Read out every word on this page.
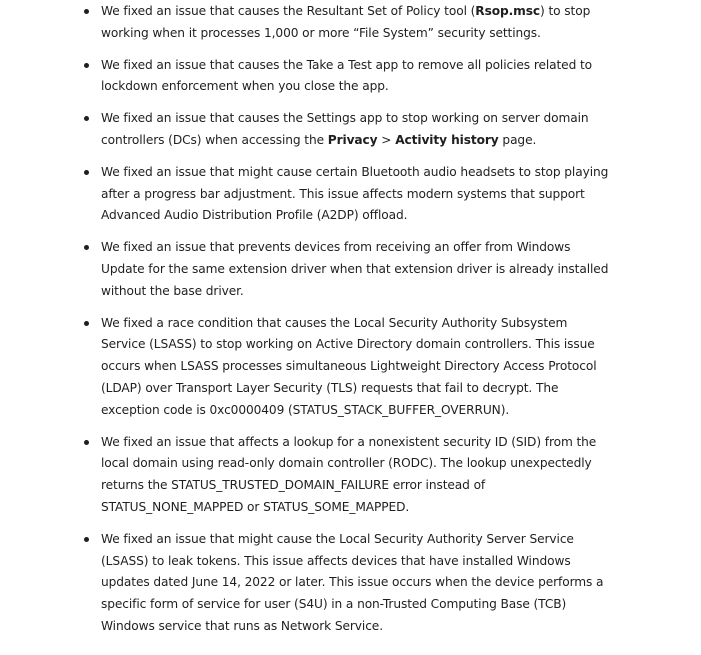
We fixed an issue that causes the Resultant Set of Policy tool (Rsop.msc) to stop working when it processes 1,000 or more “File System” security settings.
We fixed an issue that causes the Take a Test app to remove all policies related to lockdown enforcement when you close the app.
We fixed an issue that causes the Settings app to stop working on server domain controllers (DCs) when accessing the Privacy > Activity history page.
We fixed an issue that might cause certain Bluetooth audio headsets to stop playing after a progress bar adjustment. This issue affects modern systems that support Advanced Audio Distribution Profile (A2DP) offload.
We fixed an issue that prevents devices from receiving an offer from Windows Update for the same extension driver when that extension driver is already installed without the base driver.
We fixed a race condition that causes the Local Security Authority Subsystem Service (LSASS) to stop working on Active Directory domain controllers. This issue occurs when LSASS processes simultaneous Lightweight Directory Access Protocol (LDAP) over Transport Layer Security (TLS) requests that fail to decrypt. The exception code is 0xc0000409 (STATUS_STACK_BUFFER_OVERRUN).
We fixed an issue that affects a lookup for a nonexistent security ID (SID) from the local domain using read-only domain controller (RODC). The lookup unexpectedly returns the STATUS_TRUSTED_DOMAIN_FAILURE error instead of STATUS_NONE_MAPPED or STATUS_SOME_MAPPED.
We fixed an issue that might cause the Local Security Authority Server Service (LSASS) to leak tokens. This issue affects devices that have installed Windows updates dated June 14, 2022 or later. This issue occurs when the device performs a specific form of service for user (S4U) in a non-Trusted Computing Base (TCB) Windows service that runs as Network Service.
